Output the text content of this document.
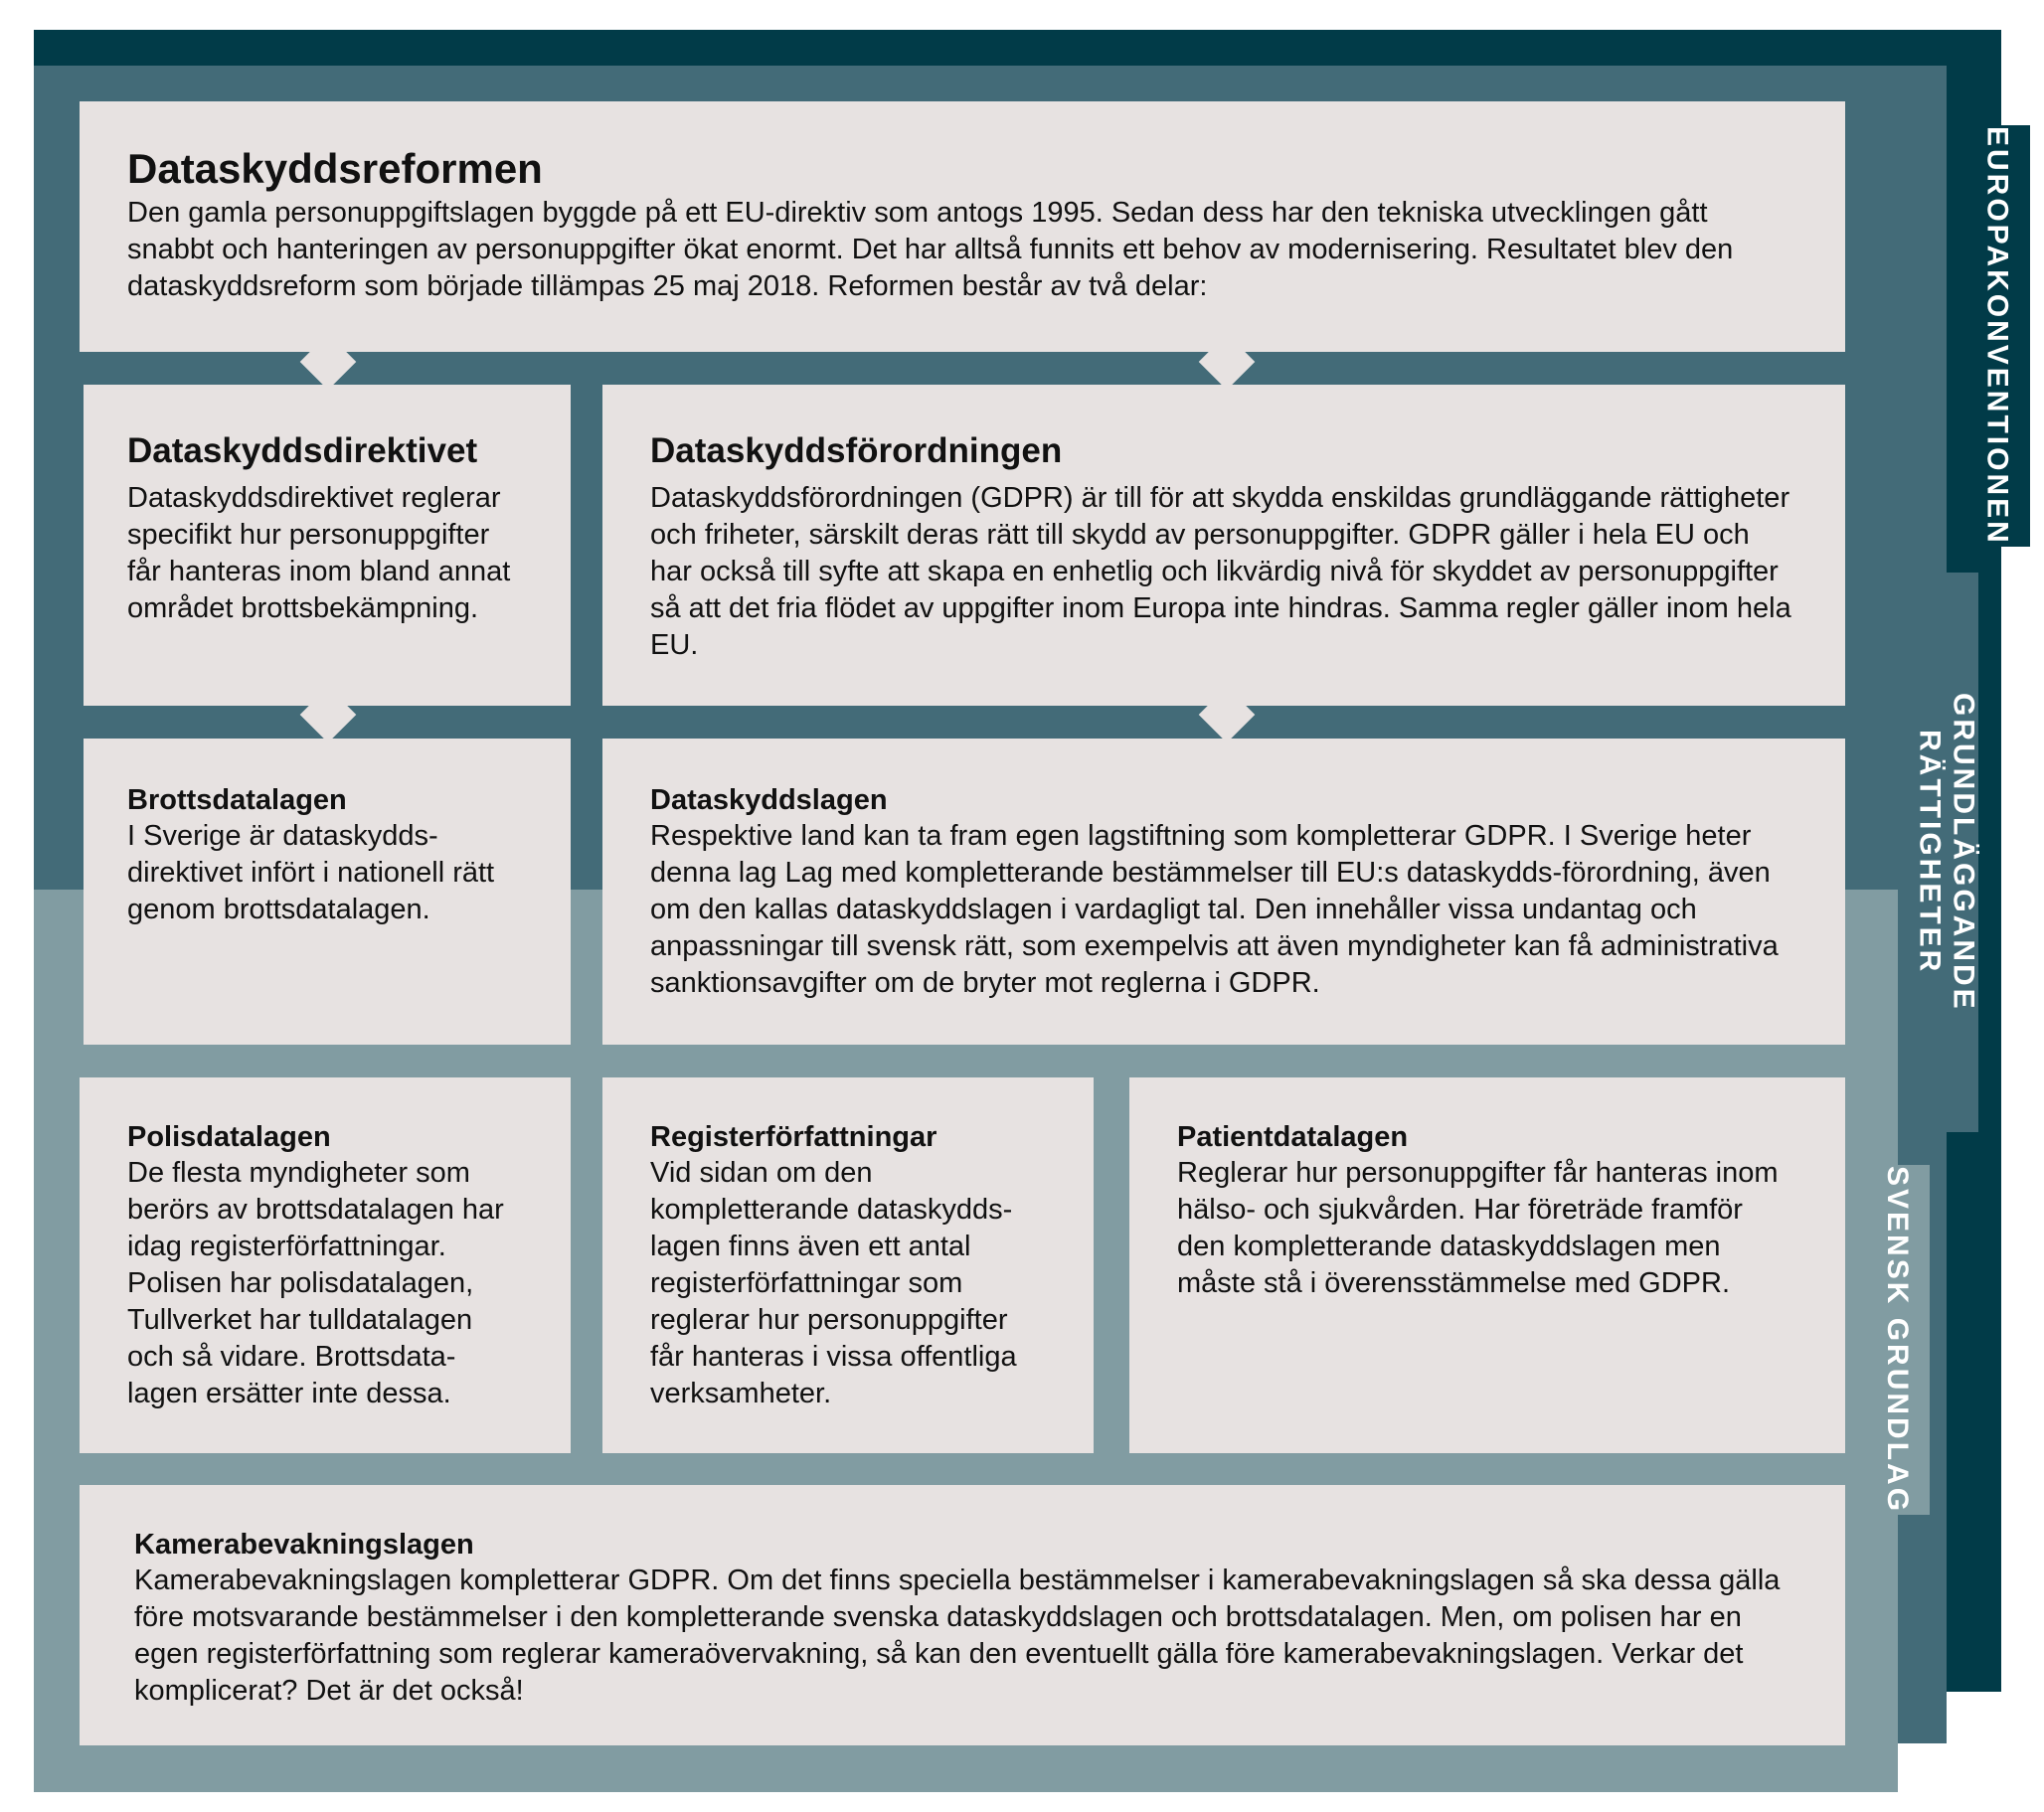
EUROPAKONVENTIONEN
GRUNDLÄGGANDE RÄTTIGHETER
SVENSK GRUNDLAG
Dataskyddsreformen

Den gamla personuppgiftslagen byggde på ett EU-direktiv som antogs 1995. Sedan dess har den tekniska utvecklingen gått snabbt och hanteringen av personuppgifter ökat enormt. Det har alltså funnits ett behov av modernisering. Resultatet blev den dataskyddsreform som började tillämpas 25 maj 2018. Reformen består av två delar:

Dataskyddsdirektivet

Dataskyddsdirektivet reglerar specifikt hur personuppgifter får hanteras inom bland annat området brottsbekämpning.

Dataskyddsförordningen

Dataskyddsförordningen (GDPR) är till för att skydda enskildas grundläggande rättigheter och friheter, särskilt deras rätt till skydd av personuppgifter. GDPR gäller i hela EU och har också till syfte att skapa en enhetlig och likvärdig nivå för skyddet av personuppgifter så att det fria flödet av uppgifter inom Europa inte hindras. Samma regler gäller inom hela EU.

Brottsdatalagen

I Sverige är dataskydds-direktivet infört i nationell rätt genom brottsdatalagen.

Dataskyddslagen

Respektive land kan ta fram egen lagstiftning som kompletterar GDPR. I Sverige heter denna lag Lag med kompletterande bestämmelser till EU:s dataskydds-förordning, även om den kallas dataskyddslagen i vardagligt tal. Den innehåller vissa undantag och anpassningar till svensk rätt, som exempelvis att även myndigheter kan få administrativa sanktionsavgifter om de bryter mot reglerna i GDPR.

Polisdatalagen

De flesta myndigheter som berörs av brottsdatalagen har idag registerförfattningar. Polisen har polisdatalagen, Tullverket har tulldatalagen och så vidare. Brottsdata-lagen ersätter inte dessa.

Registerförfattningar

Vid sidan om den kompletterande dataskydds-lagen finns även ett antal registerförfattningar som reglerar hur personuppgifter får hanteras i vissa offentliga verksamheter.

Patientdatalagen

Reglerar hur personuppgifter får hanteras inom hälso- och sjukvården. Har företräde framför den kompletterande dataskyddslagen men måste stå i överensstämmelse med GDPR.

Kamerabevakningslagen

Kamerabevakningslagen kompletterar GDPR. Om det finns speciella bestämmelser i kamerabevakningslagen så ska dessa gälla före motsvarande bestämmelser i den kompletterande svenska dataskyddslagen och brottsdatalagen. Men, om polisen har en egen registerförfattning som reglerar kameraövervakning, så kan den eventuellt gälla före kamerabevakningslagen. Verkar det komplicerat? Det är det också!
